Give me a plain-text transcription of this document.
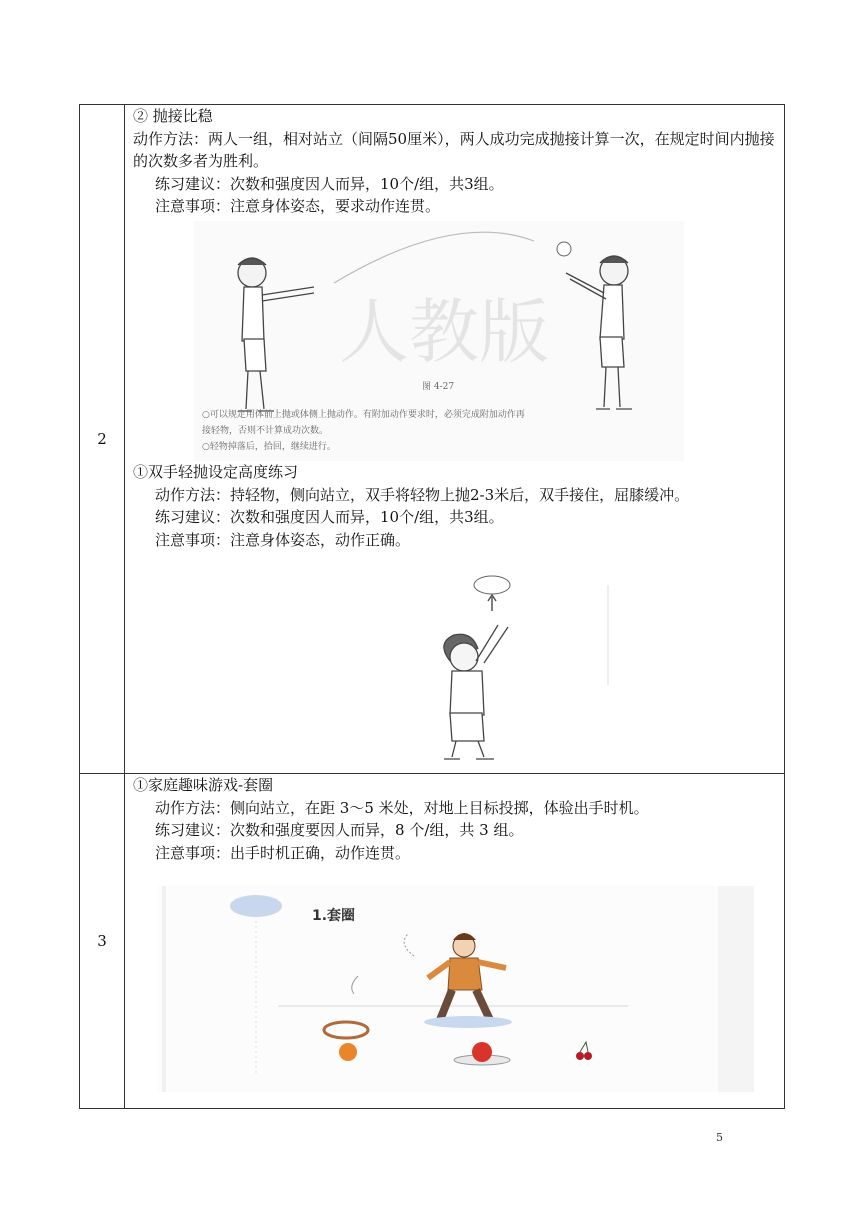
2
② 抛接比稳
动作方法：两人一组，相对站立（间隔50厘米），两人成功完成抛接计算一次，在规定时间内抛接的次数多者为胜利。
练习建议：次数和强度因人而异，10个/组，共3组。
注意事项：注意身体姿态，要求动作连贯。
人教版
图 4-27
○可以规定用体前上抛或体侧上抛动作。有附加动作要求时，必须完成附加动作再
接轻物，否则不计算成功次数。
○轻物掉落后，拾回，继续进行。
①双手轻抛设定高度练习
动作方法：持轻物，侧向站立，双手将轻物上抛2-3米后，双手接住，屈膝缓冲。
练习建议：次数和强度因人而异，10个/组，共3组。
注意事项：注意身体姿态，动作正确。
3
①家庭趣味游戏-套圈
动作方法：侧向站立，在距 3～5 米处，对地上目标投掷，体验出手时机。
练习建议：次数和强度要因人而异，8 个/组，共 3 组。
注意事项：出手时机正确，动作连贯。
1.套圈
5
